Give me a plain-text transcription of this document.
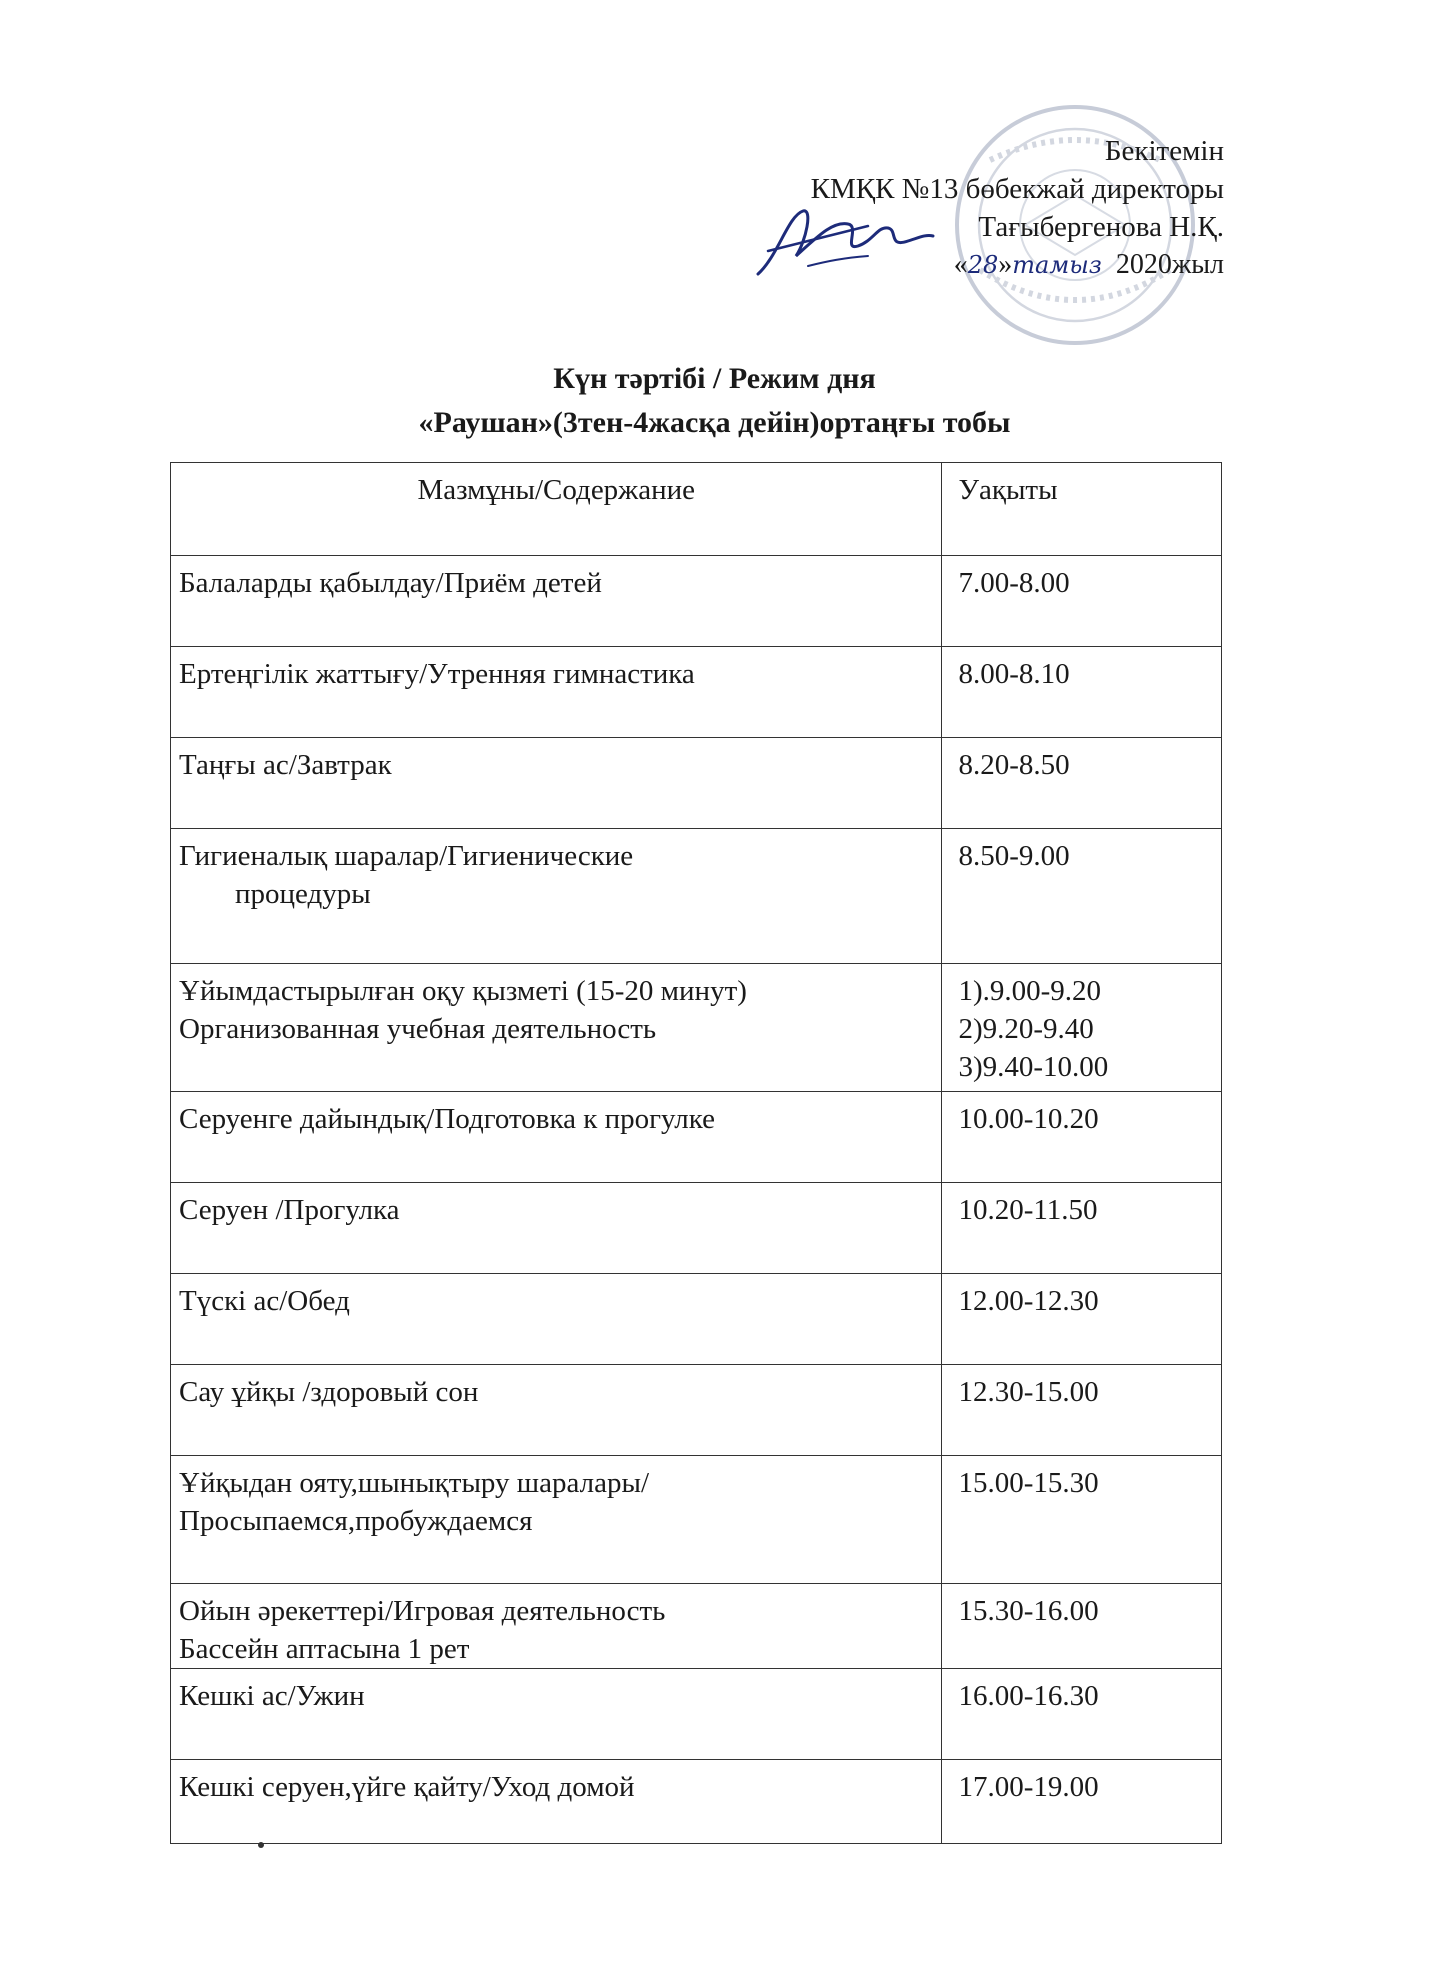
Бекітемін
КМҚК №13 бөбекжай директоры
Тағыбергенова Н.Қ.
«28»тамыз 2020жыл
Күн тәртібі / Режим дня
«Раушан»(3тен-4жасқа дейін)ортаңғы тобы
Мазмұны/Содержание	Уақыты

Балаларды қабылдау/Приём детей	7.00-8.00

Ертеңгілік жаттығу/Утренняя гимнастика	8.00-8.10

Таңғы ас/Завтрак	8.20-8.50

Гигиеналық шаралар/Гигиенические
процедуры	8.50-9.00

Ұйымдастырылған оқу қызметі (15-20 минут)
Организованная учебная деятельность	1).9.00-9.20
2)9.20-9.40
3)9.40-10.00

Серуенге дайындық/Подготовка к прогулке	10.00-10.20

Серуен /Прогулка	10.20-11.50

Түскі ас/Обед	12.00-12.30

Сау ұйқы /здоровый сон	12.30-15.00

Ұйқыдан ояту,шынықтыру шаралары/
Просыпаемся,пробуждаемся	15.00-15.30

Ойын әрекеттері/Игровая деятельность
Бассейн аптасына 1 рет	15.30-16.00

Кешкі ас/Ужин	16.00-16.30

Кешкі серуен,үйге қайту/Уход домой	17.00-19.00
